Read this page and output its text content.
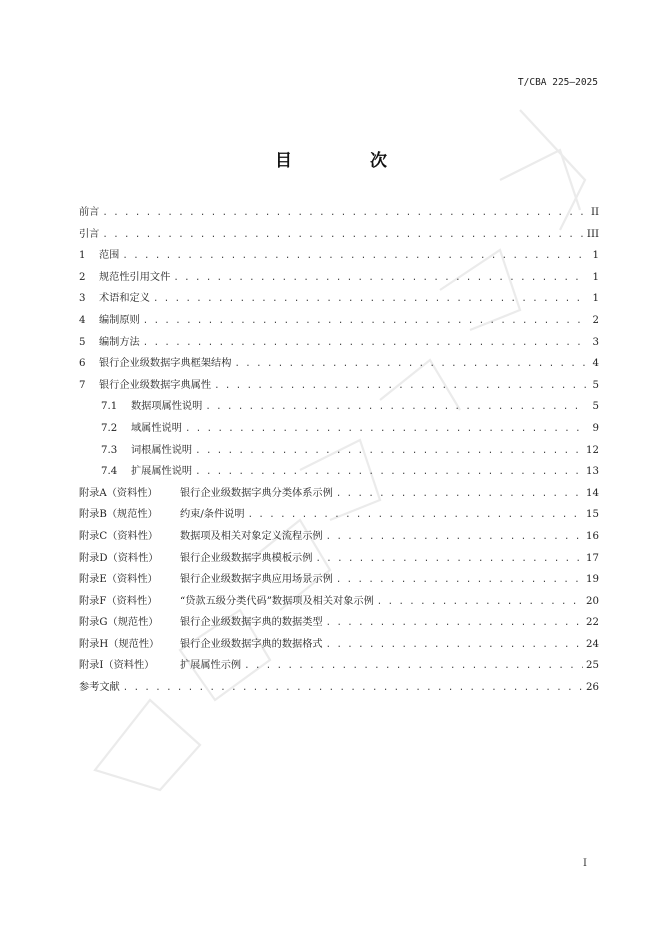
T/CBA 225—2025
目 次
前言 . . .	II
引言 . . .	III
1	范围 . . .	1
2	规范性引用文件 . . .	1
3	术语和定义 . . .	1
4	编制原则 . . .	2
5	编制方法 . . .	3
6	银行企业级数据字典框架结构 . . .	4
7	银行企业级数据字典属性 . . .	5
7.1	数据项属性说明 . . .	5
7.2	域属性说明 . . .	9
7.3	词根属性说明 . . .	12
7.4	扩展属性说明 . . .	13
附录A（资料性）	银行企业级数据字典分类体系示例 . . .	14
附录B（规范性）	约束/条件说明 . . .	15
附录C（资料性）	数据项及相关对象定义流程示例 . . .	16
附录D（资料性）	银行企业级数据字典模板示例 . . .	17
附录E（资料性）	银行企业级数据字典应用场景示例 . . .	19
附录F（资料性）	“贷款五级分类代码”数据项及相关对象示例 . . .	20
附录G（规范性）	银行企业级数据字典的数据类型 . . .	22
附录H（规范性）	银行企业级数据字典的数据格式 . . .	24
附录I（资料性）	扩展属性示例 . . .	25
参考文献 . . .	26
I
